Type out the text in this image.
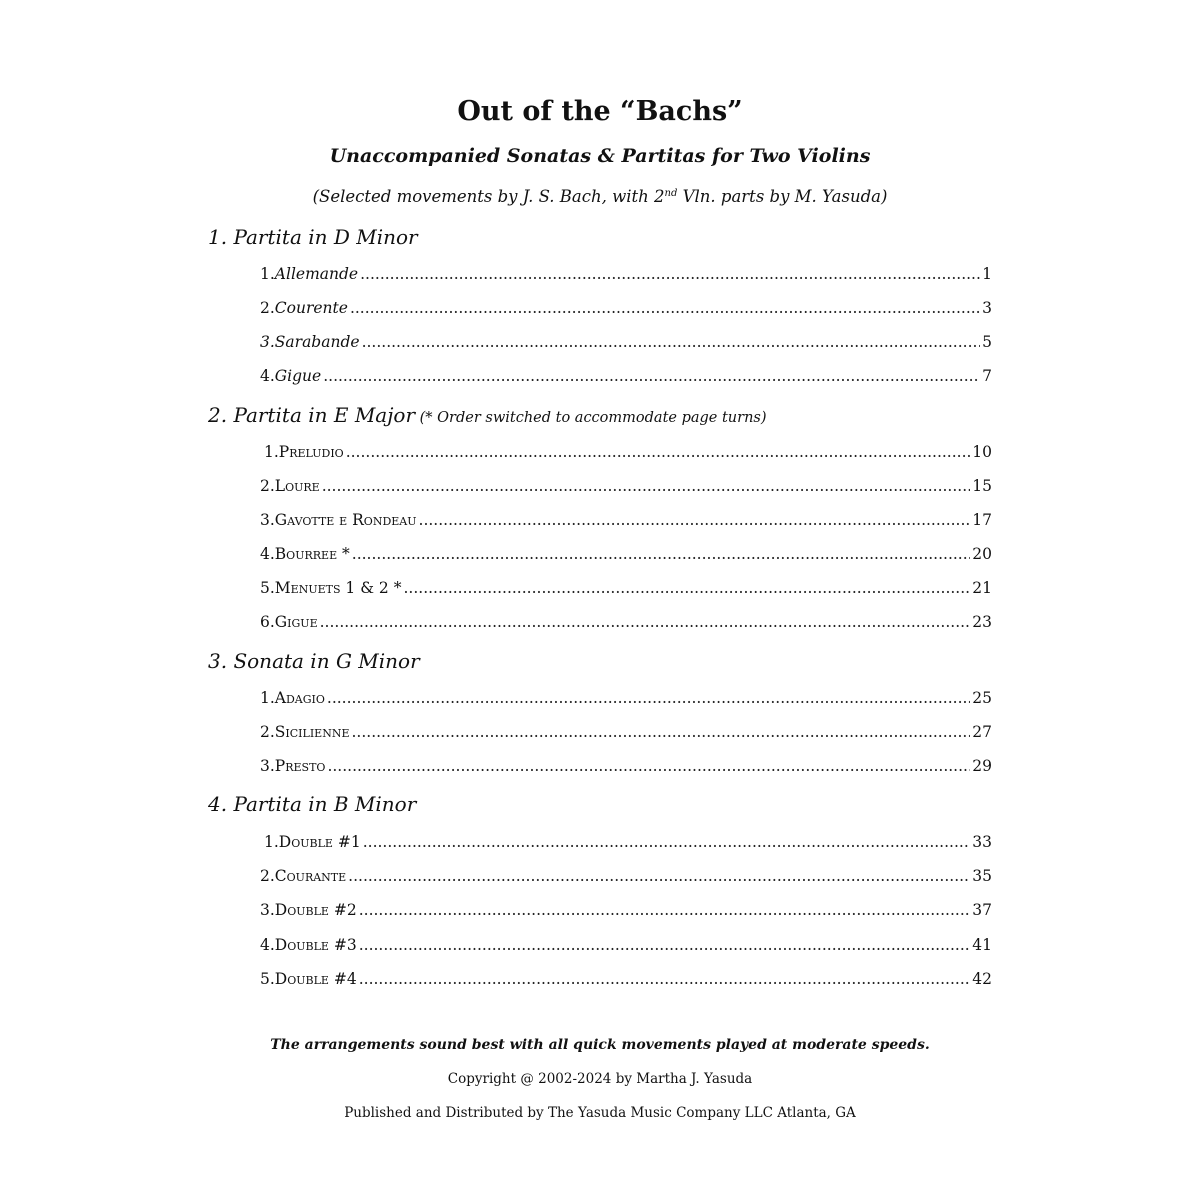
Out of the “Bachs”
Unaccompanied Sonatas & Partitas for Two Violins
(Selected movements by J. S. Bach, with 2nd Vln. parts by M. Yasuda)
1. Partita in D Minor
1. Allemande .....	1
2. Courente .....	3
3. Sarabande .....	5
4. Gigue .....	7
2. Partita in E Major (* Order switched to accommodate page turns)
1. Preludio .....	10
2. Loure .....	15
3. Gavotte e Rondeau .....	17
4. Bourree * .....	20
5. Menuets 1 & 2 * .....	21
6. Gigue .....	23
3. Sonata in G Minor
1. Adagio .....	25
2. Sicilienne .....	27
3. Presto .....	29
4. Partita in B Minor
1. Double #1 .....	33
2. Courante .....	35
3. Double #2 .....	37
4. Double #3 .....	41
5. Double #4 .....	42
The arrangements sound best with all quick movements played at moderate speeds.
Copyright @ 2002-2024 by Martha J. Yasuda
Published and Distributed by The Yasuda Music Company LLC Atlanta, GA
